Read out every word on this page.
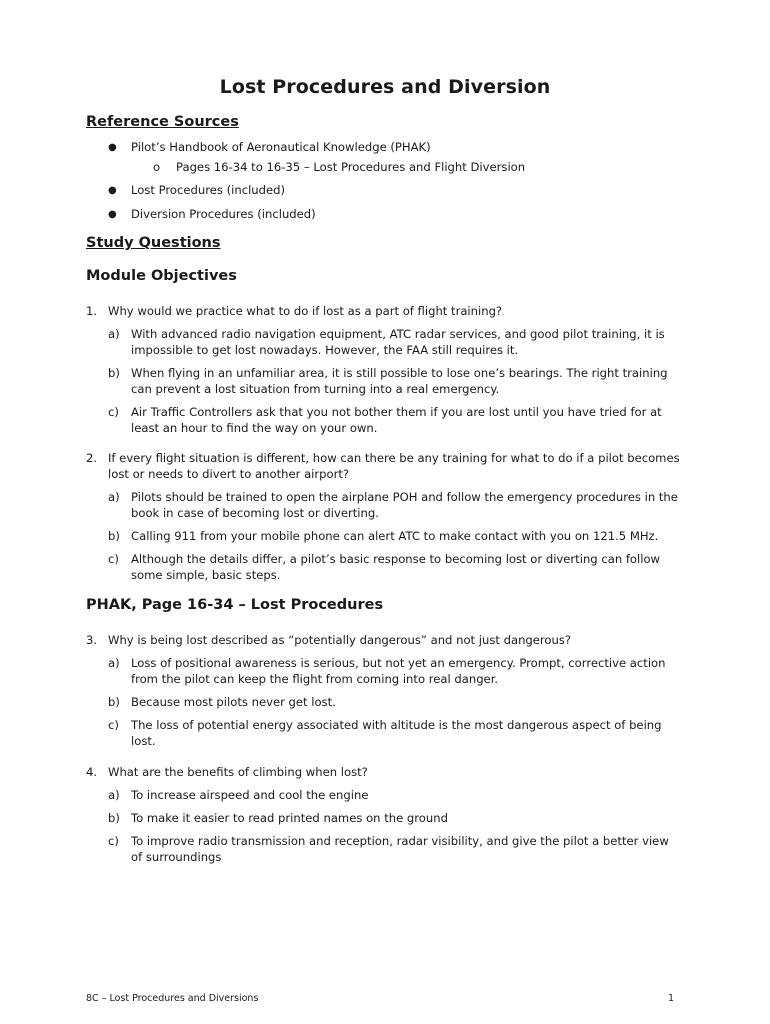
Lost Procedures and Diversion
Reference Sources
● Pilot’s Handbook of Aeronautical Knowledge (PHAK)
o Pages 16-34 to 16-35 – Lost Procedures and Flight Diversion
● Lost Procedures (included)
● Diversion Procedures (included)
Study Questions
Module Objectives
1. Why would we practice what to do if lost as a part of flight training?
a) With advanced radio navigation equipment, ATC radar services, and good pilot training, it is
impossible to get lost nowadays. However, the FAA still requires it.
b) When flying in an unfamiliar area, it is still possible to lose one’s bearings. The right training
can prevent a lost situation from turning into a real emergency.
c) Air Traffic Controllers ask that you not bother them if you are lost until you have tried for at
least an hour to find the way on your own.
2. If every flight situation is different, how can there be any training for what to do if a pilot becomes
lost or needs to divert to another airport?
a) Pilots should be trained to open the airplane POH and follow the emergency procedures in the
book in case of becoming lost or diverting.
b) Calling 911 from your mobile phone can alert ATC to make contact with you on 121.5 MHz.
c) Although the details differ, a pilot’s basic response to becoming lost or diverting can follow
some simple, basic steps.
PHAK, Page 16-34 – Lost Procedures
3. Why is being lost described as “potentially dangerous” and not just dangerous?
a) Loss of positional awareness is serious, but not yet an emergency. Prompt, corrective action
from the pilot can keep the flight from coming into real danger.
b) Because most pilots never get lost.
c) The loss of potential energy associated with altitude is the most dangerous aspect of being
lost.
4. What are the benefits of climbing when lost?
a) To increase airspeed and cool the engine
b) To make it easier to read printed names on the ground
c) To improve radio transmission and reception, radar visibility, and give the pilot a better view
of surroundings
8C – Lost Procedures and Diversions	1
